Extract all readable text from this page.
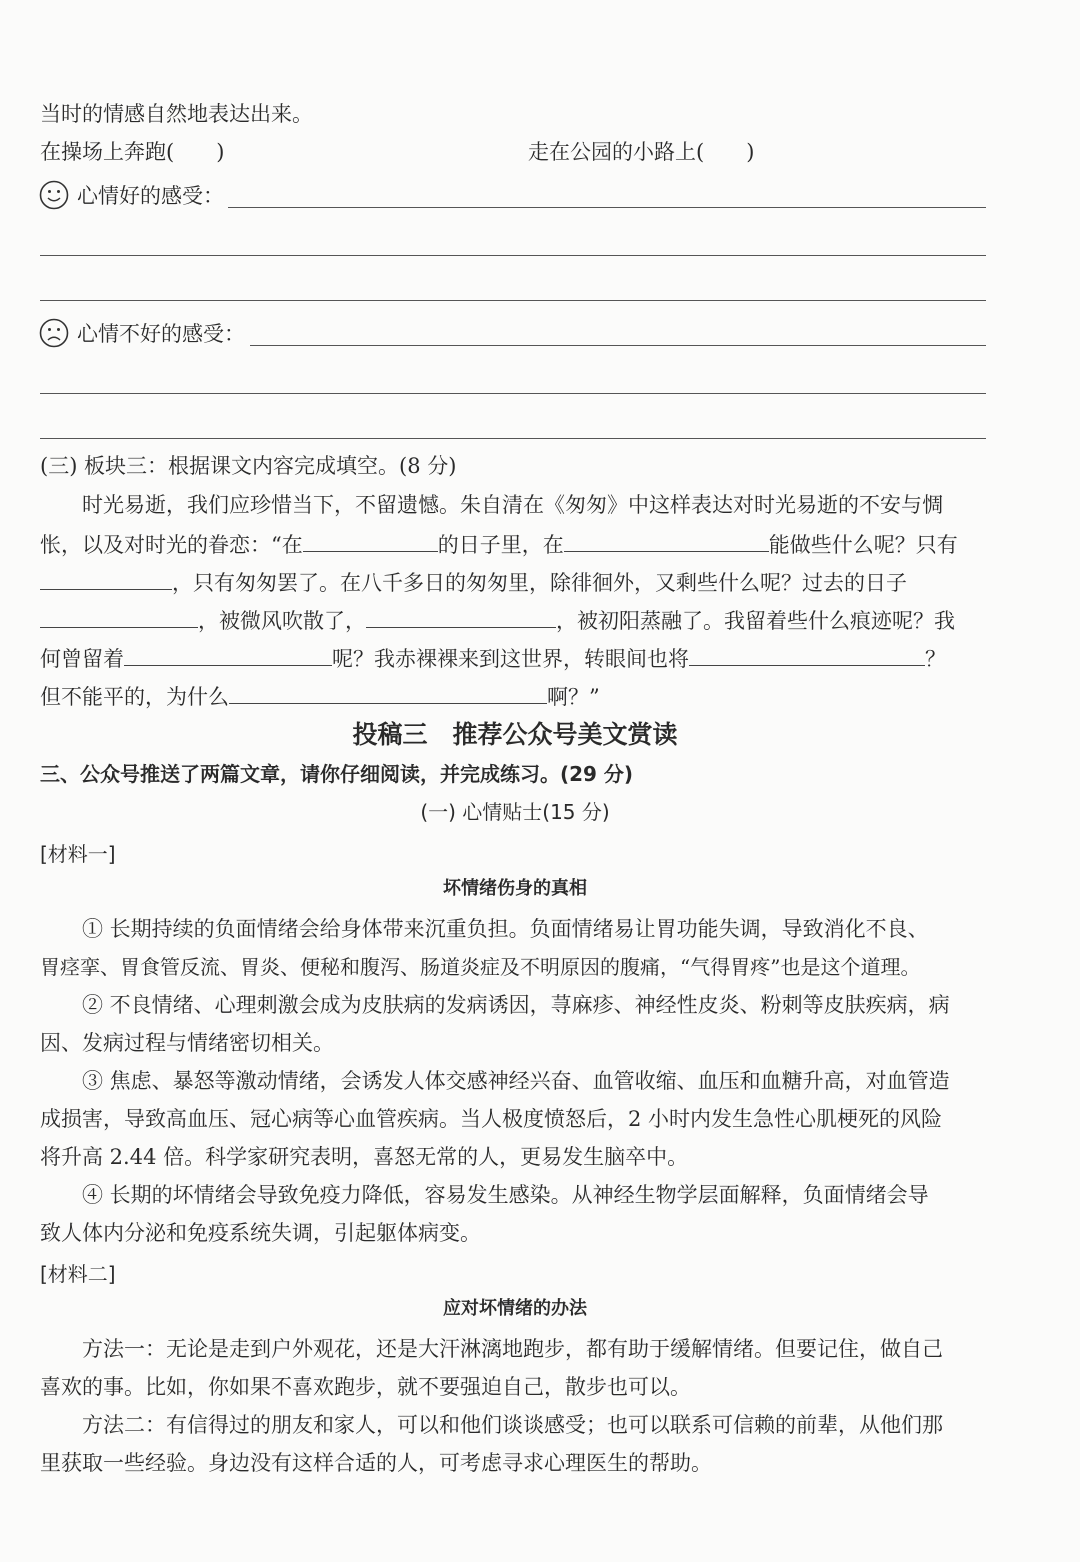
当时的情感自然地表达出来。
在操场上奔跑(　　)	走在公园的小路上(　　)
心情好的感受：
心情不好的感受：
(三) 板块三：根据课文内容完成填空。(8 分)
时光易逝，我们应珍惜当下，不留遗憾。朱自清在《匆匆》中这样表达对时光易逝的不安与惆
怅，以及对时光的眷恋：“在	的日子里，在	能做些什么呢？只有
，只有匆匆罢了。在八千多日的匆匆里，除徘徊外，又剩些什么呢？过去的日子
，被微风吹散了，	，被初阳蒸融了。我留着些什么痕迹呢？我
何曾留着	呢？我赤裸裸来到这世界，转眼间也将	？
但不能平的，为什么	啊？”
投稿三　推荐公众号美文赏读
三、公众号推送了两篇文章，请你仔细阅读，并完成练习。(29 分)
(一) 心情贴士(15 分)
[材料一]
坏情绪伤身的真相
① 长期持续的负面情绪会给身体带来沉重负担。负面情绪易让胃功能失调，导致消化不良、
胃痉挛、胃食管反流、胃炎、便秘和腹泻、肠道炎症及不明原因的腹痛，“气得胃疼”也是这个道理。
② 不良情绪、心理刺激会成为皮肤病的发病诱因，荨麻疹、神经性皮炎、粉刺等皮肤疾病，病
因、发病过程与情绪密切相关。
③ 焦虑、暴怒等激动情绪，会诱发人体交感神经兴奋、血管收缩、血压和血糖升高，对血管造
成损害，导致高血压、冠心病等心血管疾病。当人极度愤怒后，2 小时内发生急性心肌梗死的风险
将升高 2.44 倍。科学家研究表明，喜怒无常的人，更易发生脑卒中。
④ 长期的坏情绪会导致免疫力降低，容易发生感染。从神经生物学层面解释，负面情绪会导
致人体内分泌和免疫系统失调，引起躯体病变。
[材料二]
应对坏情绪的办法
方法一：无论是走到户外观花，还是大汗淋漓地跑步，都有助于缓解情绪。但要记住，做自己
喜欢的事。比如，你如果不喜欢跑步，就不要强迫自己，散步也可以。
方法二：有信得过的朋友和家人，可以和他们谈谈感受；也可以联系可信赖的前辈，从他们那
里获取一些经验。身边没有这样合适的人，可考虑寻求心理医生的帮助。
